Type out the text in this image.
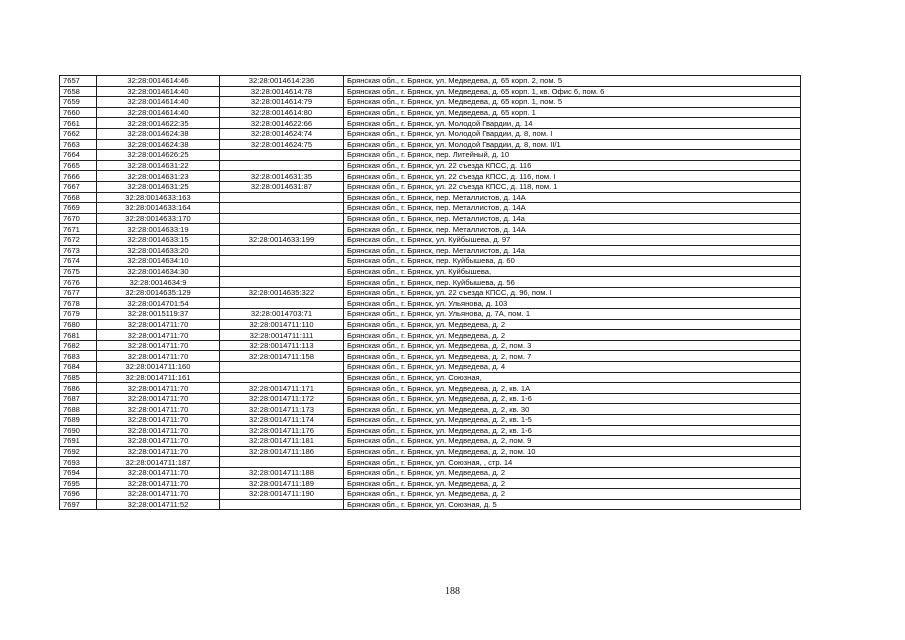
7657	32:28:0014614:46	32:28:0014614:236	Брянская обл., г. Брянск, ул. Медведева, д. 65 корп. 2, пом. 5
7658	32:28:0014614:40	32:28:0014614:78	Брянская обл., г. Брянск, ул. Медведева, д. 65 корп. 1, кв. Офис 6, пом. 6
7659	32:28:0014614:40	32:28:0014614:79	Брянская обл., г. Брянск, ул. Медведева, д. 65 корп. 1, пом. 5
7660	32:28:0014614:40	32:28:0014614:80	Брянская обл., г. Брянск, ул. Медведева, д. 65 корп. 1
7661	32:28:0014622:35	32:28:0014622:66	Брянская обл., г. Брянск, ул. Молодой Гвардии, д. 14
7662	32:28:0014624:38	32:28:0014624:74	Брянская обл., г. Брянск, ул. Молодой Гвардии, д. 8, пом. I
7663	32:28:0014624:38	32:28:0014624:75	Брянская обл., г. Брянск, ул. Молодой Гвардии, д. 8, пом. II/1
7664	32:28:0014626:25		Брянская обл., г. Брянск, пер. Литейный, д. 10
7665	32:28:0014631:22		Брянская обл., г. Брянск, ул. 22 съезда КПСС, д. 116
7666	32:28:0014631:23	32:28:0014631:35	Брянская обл., г. Брянск, ул. 22 съезда КПСС, д. 116, пом. I
7667	32:28:0014631:25	32:28:0014631:87	Брянская обл., г. Брянск, ул. 22 съезда КПСС, д. 118, пом. 1
7668	32:28:0014633:163		Брянская обл., г. Брянск, пер. Металлистов, д. 14А
7669	32:28:0014633:164		Брянская обл., г. Брянск, пер. Металлистов, д. 14А
7670	32:28:0014633:170		Брянская обл., г. Брянск, пер. Металлистов, д. 14а
7671	32:28:0014633:19		Брянская обл., г. Брянск, пер. Металлистов, д. 14А
7672	32:28:0014633:15	32:28:0014633:199	Брянская обл., г. Брянск, ул. Куйбышева, д. 97
7673	32:28:0014633:20		Брянская обл., г. Брянск, пер. Металлистов, д. 14а
7674	32:28:0014634:10		Брянская обл., г. Брянск, пер. Куйбышева, д. 60
7675	32:28:0014634:30		Брянская обл., г. Брянск, ул. Куйбышева,
7676	32:28:0014634:9		Брянская обл., г. Брянск, пер. Куйбышева, д. 56
7677	32:28:0014635:129	32:28:0014635:322	Брянская обл., г. Брянск, ул. 22 съезда КПСС, д. 96, пом. I
7678	32:28:0014701:54		Брянская обл., г. Брянск, ул. Ульянова, д. 103
7679	32:28:0015119:37	32:28:0014703:71	Брянская обл., г. Брянск, ул. Ульянова, д. 7А, пом. 1
7680	32:28:0014711:70	32:28:0014711:110	Брянская обл., г. Брянск, ул. Медведева, д. 2
7681	32:28:0014711:70	32:28:0014711:111	Брянская обл., г. Брянск, ул. Медведева, д. 2
7682	32:28:0014711:70	32:28:0014711:113	Брянская обл., г. Брянск, ул. Медведева, д. 2, пом. 3
7683	32:28:0014711:70	32:28:0014711:158	Брянская обл., г. Брянск, ул. Медведева, д. 2, пом. 7
7684	32:28:0014711:160		Брянская обл., г. Брянск, ул. Медведева, д. 4
7685	32:28:0014711:161		Брянская обл., г. Брянск, ул. Союзная,
7686	32:28:0014711:70	32:28:0014711:171	Брянская обл., г. Брянск, ул. Медведева, д. 2, кв. 1А
7687	32:28:0014711:70	32:28:0014711:172	Брянская обл., г. Брянск, ул. Медведева, д. 2, кв. 1-6
7688	32:28:0014711:70	32:28:0014711:173	Брянская обл., г. Брянск, ул. Медведева, д. 2, кв. 30
7689	32:28:0014711:70	32:28:0014711:174	Брянская обл., г. Брянск, ул. Медведева, д. 2, кв. 1-5
7690	32:28:0014711:70	32:28:0014711:176	Брянская обл., г. Брянск, ул. Медведева, д. 2, кв. 1-6
7691	32:28:0014711:70	32:28:0014711:181	Брянская обл., г. Брянск, ул. Медведева, д. 2, пом. 9
7692	32:28:0014711:70	32:28:0014711:186	Брянская обл., г. Брянск, ул. Медведева, д. 2, пом. 10
7693	32:28:0014711:187		Брянская обл., г. Брянск, ул. Союзная, , стр. 14
7694	32:28:0014711:70	32:28:0014711:188	Брянская обл., г. Брянск, ул. Медведева, д. 2
7695	32:28:0014711:70	32:28:0014711:189	Брянская обл., г. Брянск, ул. Медведева, д. 2
7696	32:28:0014711:70	32:28:0014711:190	Брянская обл., г. Брянск, ул. Медведева, д. 2
7697	32:28:0014711:52		Брянская обл., г. Брянск, ул. Союзная, д. 5
188
